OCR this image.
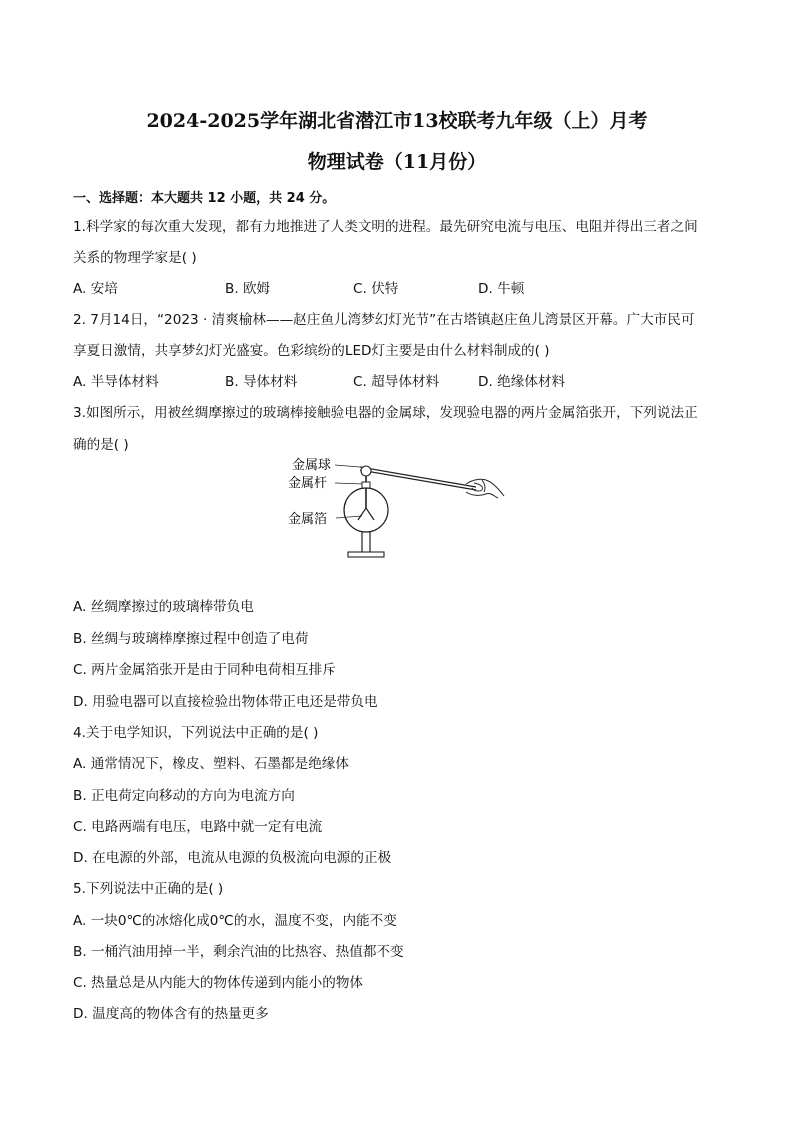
2024-2025学年湖北省潜江市13校联考九年级（上）月考
物理试卷（11月份）
一、选择题：本大题共 12 小题，共 24 分。
1.科学家的每次重大发现，都有力地推进了人类文明的进程。最先研究电流与电压、电阻并得出三者之间
关系的物理学家是( )
A. 安培	B. 欧姆	C. 伏特	D. 牛顿
2. 7月14日，“2023 · 清爽榆林——赵庄鱼儿湾梦幻灯光节”在古塔镇赵庄鱼儿湾景区开幕。广大市民可
享夏日激情，共享梦幻灯光盛宴。色彩缤纷的LED灯主要是由什么材料制成的( )
A. 半导体材料	B. 导体材料	C. 超导体材料	D. 绝缘体材料
3.如图所示，用被丝绸摩擦过的玻璃棒接触验电器的金属球，发现验电器的两片金属箔张开，下列说法正
确的是( )
金属球
金属杆
金属箔
A. 丝绸摩擦过的玻璃棒带负电
B. 丝绸与玻璃棒摩擦过程中创造了电荷
C. 两片金属箔张开是由于同种电荷相互排斥
D. 用验电器可以直接检验出物体带正电还是带负电
4.关于电学知识，下列说法中正确的是( )
A. 通常情况下，橡皮、塑料、石墨都是绝缘体
B. 正电荷定向移动的方向为电流方向
C. 电路两端有电压，电路中就一定有电流
D. 在电源的外部，电流从电源的负极流向电源的正极
5.下列说法中正确的是( )
A. 一块0℃的冰熔化成0℃的水，温度不变，内能不变
B. 一桶汽油用掉一半，剩余汽油的比热容、热值都不变
C. 热量总是从内能大的物体传递到内能小的物体
D. 温度高的物体含有的热量更多
